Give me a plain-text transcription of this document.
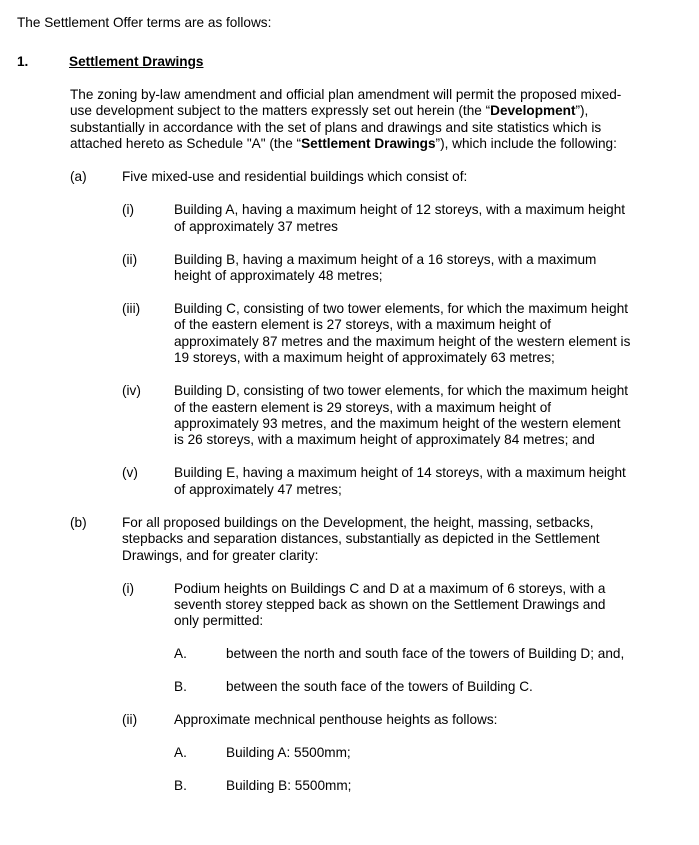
The Settlement Offer terms are as follows:

1.	Settlement Drawings

The zoning by-law amendment and official plan amendment will permit the proposed mixed-use development subject to the matters expressly set out herein (the “Development”), substantially in accordance with the set of plans and drawings and site statistics which is attached hereto as Schedule "A" (the “Settlement Drawings”), which include the following:

(a)	Five mixed-use and residential buildings which consist of:
(i)	Building A, having a maximum height of 12 storeys, with a maximum height of approximately 37 metres
(ii)	Building B, having a maximum height of a 16 storeys, with a maximum height of approximately 48 metres;
(iii)	Building C, consisting of two tower elements, for which the maximum height of the eastern element is 27 storeys, with a maximum height of approximately 87 metres and the maximum height of the western element is 19 storeys, with a maximum height of approximately 63 metres;
(iv)	Building D, consisting of two tower elements, for which the maximum height of the eastern element is 29 storeys, with a maximum height of approximately 93 metres, and the maximum height of the western element is 26 storeys, with a maximum height of approximately 84 metres; and
(v)	Building E, having a maximum height of 14 storeys, with a maximum height of approximately 47 metres;
(b)	For all proposed buildings on the Development, the height, massing, setbacks, stepbacks and separation distances, substantially as depicted in the Settlement Drawings, and for greater clarity:
(i)	Podium heights on Buildings C and D at a maximum of 6 storeys, with a seventh storey stepped back as shown on the Settlement Drawings and only permitted:
A.	between the north and south face of the towers of Building D; and,
B.	between the south face of the towers of Building C.
(ii)	Approximate mechnical penthouse heights as follows:
A.	Building A: 5500mm;
B.	Building B: 5500mm;
